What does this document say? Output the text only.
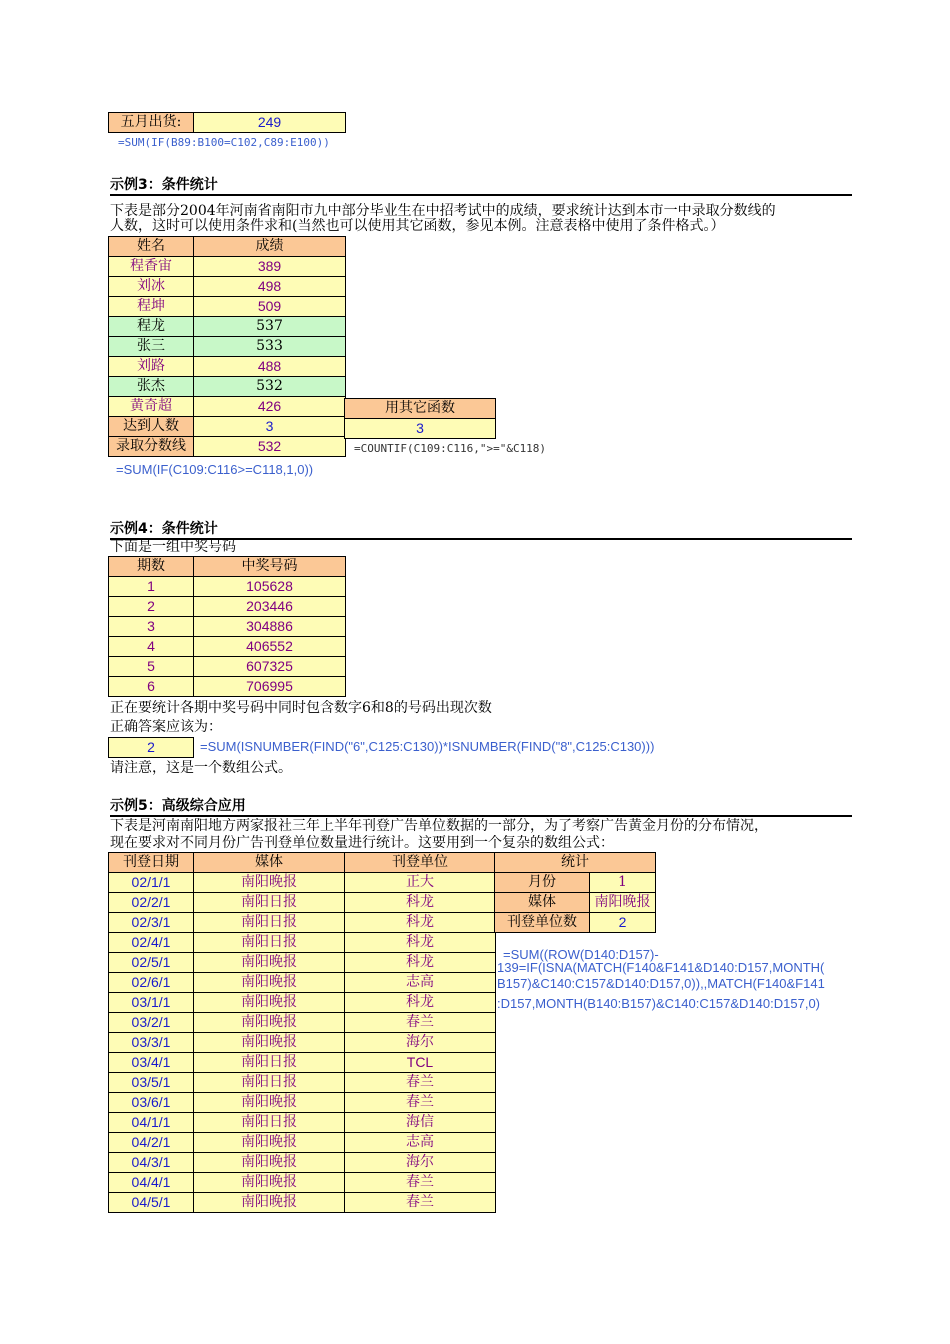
五月出货:	249
=SUM(IF(B89:B100=C102,C89:E100))
示例3：条件统计
下表是部分2004年河南省南阳市九中部分毕业生在中招考试中的成绩，要求统计达到本市一中录取分数线的
人数，这时可以使用条件求和(当然也可以使用其它函数，参见本例。注意表格中使用了条件格式。）
姓名	成绩
程香宙	389
刘冰	498
程坤	509
程龙	537
张三	533
刘路	488
张杰	532
黄奇超	426
达到人数	3
录取分数线	532
用其它函数
3
=COUNTIF(C109:C116,">="&C118)
=SUM(IF(C109:C116>=C118,1,0))
示例4：条件统计
下面是一组中奖号码
期数	中奖号码
1	105628
2	203446
3	304886
4	406552
5	607325
6	706995
正在要统计各期中奖号码中同时包含数字6和8的号码出现次数
正确答案应该为：
2	=SUM(ISNUMBER(FIND("6",C125:C130))*ISNUMBER(FIND("8",C125:C130)))
请注意，这是一个数组公式。
示例5：高级综合应用
下表是河南南阳地方两家报社三年上半年刊登广告单位数据的一部分，为了考察广告黄金月份的分布情况，
现在要求对不同月份广告刊登单位数量进行统计。这要用到一个复杂的数组公式：
刊登日期	媒体	刊登单位
02/1/1	南阳晚报	正大
02/2/1	南阳日报	科龙
02/3/1	南阳日报	科龙
02/4/1	南阳日报	科龙
02/5/1	南阳晚报	科龙
02/6/1	南阳晚报	志高
03/1/1	南阳晚报	科龙
03/2/1	南阳晚报	春兰
03/3/1	南阳晚报	海尔
03/4/1	南阳日报	TCL
03/5/1	南阳日报	春兰
03/6/1	南阳晚报	春兰
04/1/1	南阳日报	海信
04/2/1	南阳晚报	志高
04/3/1	南阳晚报	海尔
04/4/1	南阳晚报	春兰
04/5/1	南阳晚报	春兰
统计	
月份	1
媒体	南阳晚报
刊登单位数	2
=SUM((ROW(D140:D157)-
139=IF(ISNA(MATCH(F140&F141&D140:D157,MONTH(
B157)&C140:C157&D140:D157,0)),,MATCH(F140&F141
:D157,MONTH(B140:B157)&C140:C157&D140:D157,0)
